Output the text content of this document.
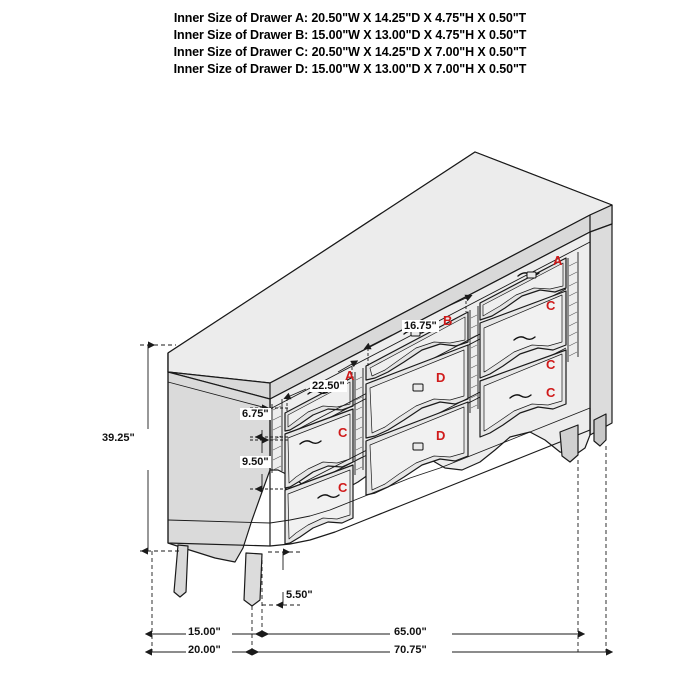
Inner Size of Drawer A: 20.50"W X 14.25"D X 4.75"H X 0.50"T
Inner Size of Drawer B: 15.00"W X 13.00"D X 4.75"H X 0.50"T
Inner Size of Drawer C: 20.50"W X 14.25"D X 7.00"H X 0.50"T
Inner Size of Drawer D: 15.00"W X 13.00"D X 7.00"H X 0.50"T
39.25"
16.75"
22.50"
6.75"
9.50"
5.50"
15.00"	65.00"
20.00"	70.75"
A
C
B
C
A	D
C
C	D
C
